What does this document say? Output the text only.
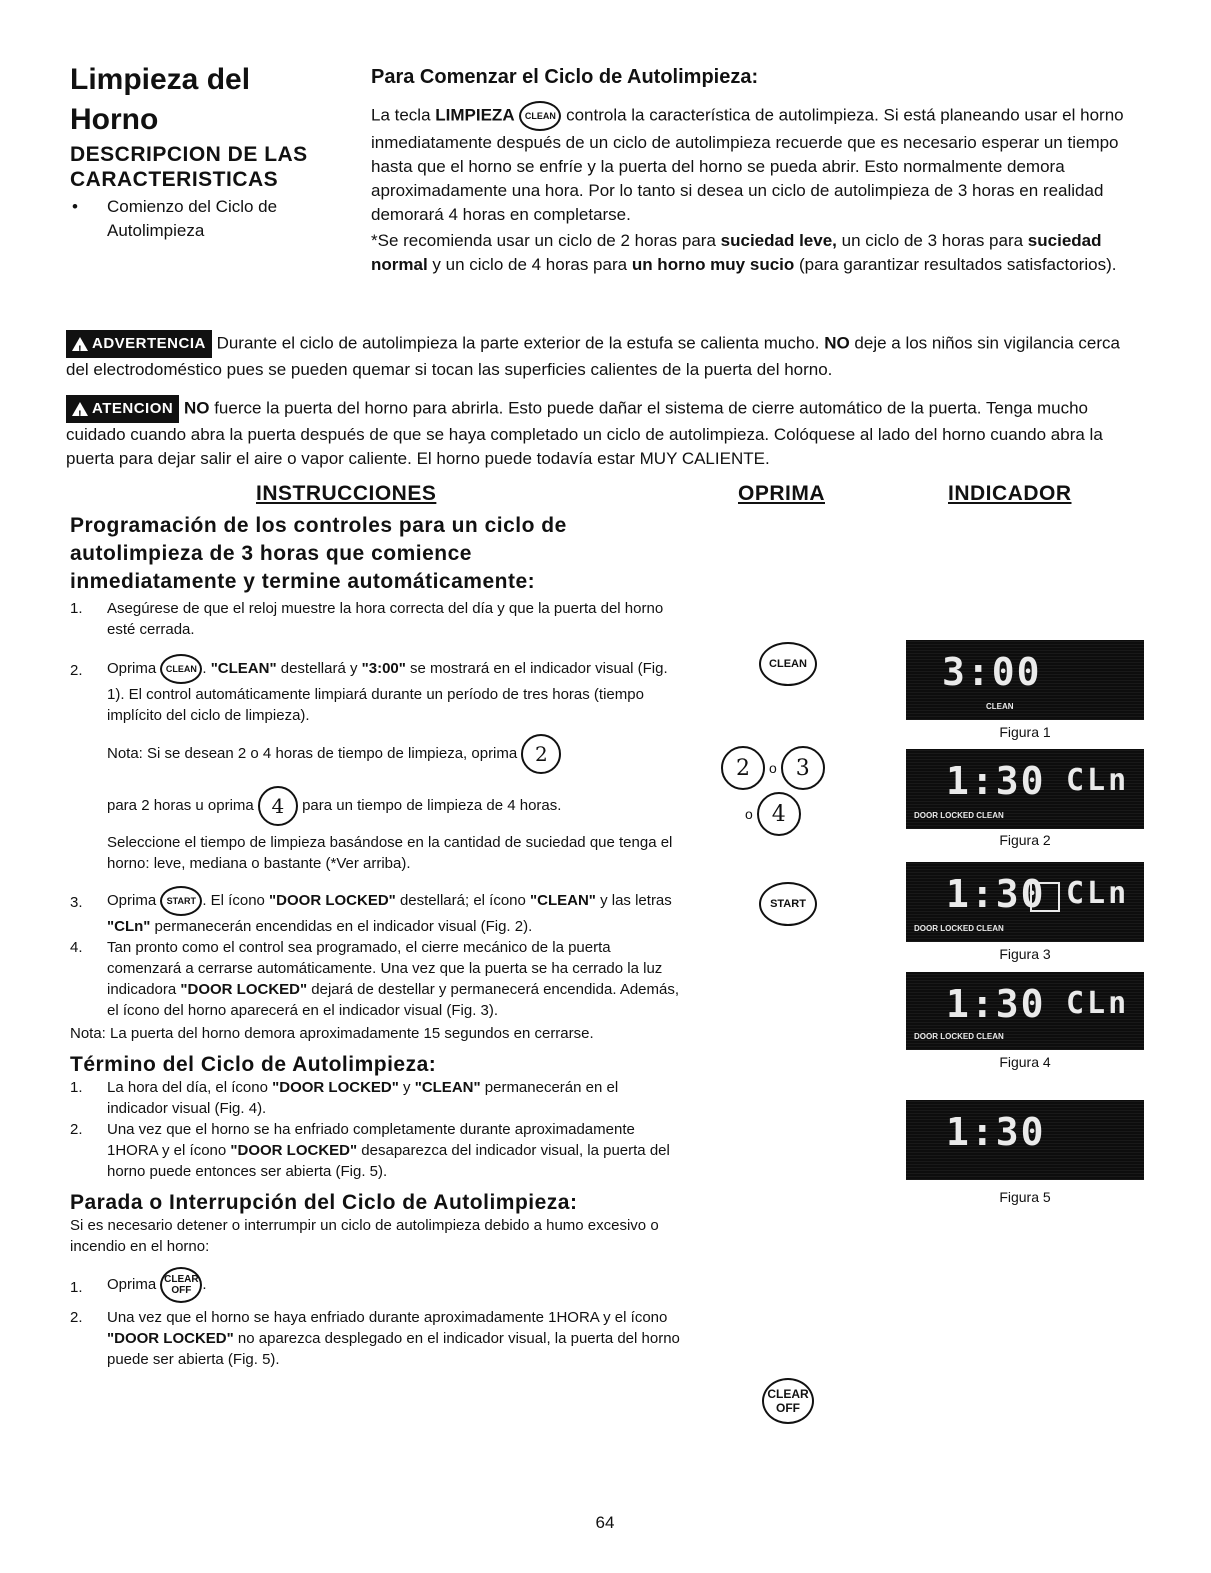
Limpieza del
Horno
DESCRIPCION DE LAS
CARACTERISTICAS
• Comienzo del Ciclo de
Autolimpieza
Para Comenzar el Ciclo de Autolimpieza:
La tecla LIMPIEZA CLEAN controla la característica de autolimpieza. Si está planeando usar el horno inmediatamente después de un ciclo de autolimpieza recuerde que es necesario esperar un tiempo hasta que el horno se enfríe y la puerta del horno se pueda abrir. Esto normalmente demora aproximadamente una hora. Por lo tanto si desea un ciclo de autolimpieza de 3 horas en realidad demorará 4 horas en completarse.
*Se recomienda usar un ciclo de 2 horas para suciedad leve, un ciclo de 3 horas para suciedad normal y un ciclo de 4 horas para un horno muy sucio (para garantizar resultados satisfactorios).
!
ADVERTENCIA Durante el ciclo de autolimpieza la parte exterior de la estufa se calienta mucho. NO deje a los niños sin vigilancia cerca del electrodoméstico pues se pueden quemar si tocan las superficies calientes de la puerta del horno.
!
ATENCION NO fuerce la puerta del horno para abrirla. Esto puede dañar el sistema de cierre automático de la puerta. Tenga mucho cuidado cuando abra la puerta después de que se haya completado un ciclo de autolimpieza. Colóquese al lado del horno cuando abra la puerta para dejar salir el aire o vapor caliente. El horno puede todavía estar MUY CALIENTE.
INSTRUCCIONES	OPRIMA	INDICADOR
Programación de los controles para un ciclo de
autolimpieza de 3 horas que comience
inmediatamente y termine automáticamente:
1. Asegúrese de que el reloj muestre la hora correcta del día y que la puerta del horno esté cerrada.
2. Oprima CLEAN . "CLEAN" destellará y "3:00" se mostrará en el indicador visual (Fig. 1). El control automáticamente limpiará durante un período de tres horas (tiempo implícito del ciclo de limpieza).
Nota: Si se desean 2 o 4 horas de tiempo de limpieza, oprima 2
para 2 horas u oprima 4 para un tiempo de limpieza de 4 horas.
Seleccione el tiempo de limpieza basándose en la cantidad de suciedad que tenga el horno: leve, mediana o bastante (*Ver arriba).
3. Oprima START . El ícono "DOOR LOCKED" destellará; el ícono "CLEAN" y las letras "CLn" permanecerán encendidas en el indicador visual (Fig. 2).
4. Tan pronto como el control sea programado, el cierre mecánico de la puerta comenzará a cerrarse automáticamente. Una vez que la puerta se ha cerrado la luz indicadora "DOOR LOCKED" dejará de destellar y permanecerá encendida. Además, el ícono del horno aparecerá en el indicador visual (Fig. 3).
Nota: La puerta del horno demora aproximadamente 15 segundos en cerrarse.
Término del Ciclo de Autolimpieza:
1. La hora del día, el ícono "DOOR LOCKED" y "CLEAN" permanecerán en el indicador visual (Fig. 4).
2. Una vez que el horno se ha enfriado completamente durante aproximadamente 1HORA y el ícono "DOOR LOCKED" desaparezca del indicador visual, la puerta del horno puede entonces ser abierta (Fig. 5).
Parada o Interrupción del Ciclo de Autolimpieza:
Si es necesario detener o interrumpir un ciclo de autolimpieza debido a humo excesivo o incendio en el horno:
1. Oprima CLEAR
OFF .
2. Una vez que el horno se haya enfriado durante aproximadamente 1HORA y el ícono "DOOR LOCKED" no aparezca desplegado en el indicador visual, la puerta del horno puede ser abierta (Fig. 5).
CLEAN
2	o 3
o 4
START
CLEAR
OFF
3:00
CLEAN
Figura 1
1:30 CLn
DOOR LOCKED CLEAN
Figura 2
1:30 CLn
DOOR LOCKED CLEAN
Figura 3
1:30 CLn
DOOR LOCKED CLEAN
Figura 4
1:30
Figura 5
64
